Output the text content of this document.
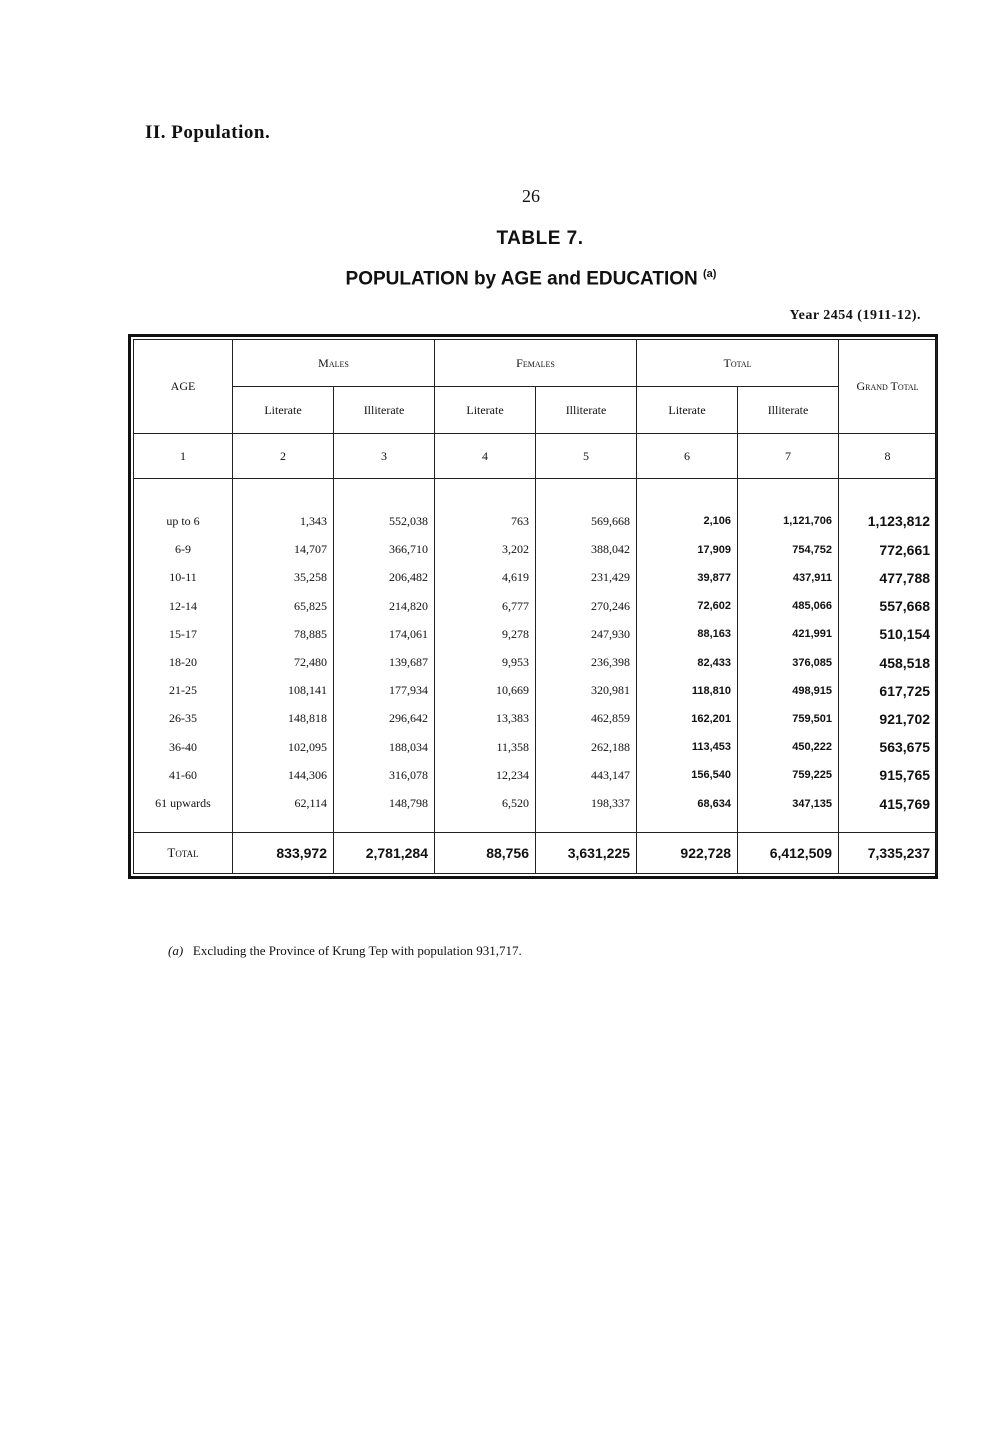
II. Population.
26
TABLE 7.
POPULATION by AGE and EDUCATION $^{(a)}$
Year 2454 (1911-12).
AGE	Males		Females		Total		Grand Total
	Literate	Illiterate	Literate	Illiterate	Literate	Illiterate	
1	2	3	4	5	6	7	8

up to 6	1,343	552,038	763	569,668	2,106	1,121,706	1,123,812
6-9	14,707	366,710	3,202	388,042	17,909	754,752	772,661
10-11	35,258	206,482	4,619	231,429	39,877	437,911	477,788
12-14	65,825	214,820	6,777	270,246	72,602	485,066	557,668
15-17	78,885	174,061	9,278	247,930	88,163	421,991	510,154
18-20	72,480	139,687	9,953	236,398	82,433	376,085	458,518
21-25	108,141	177,934	10,669	320,981	118,810	498,915	617,725
26-35	148,818	296,642	13,383	462,859	162,201	759,501	921,702
36-40	102,095	188,034	11,358	262,188	113,453	450,222	563,675
41-60	144,306	316,078	12,234	443,147	156,540	759,225	915,765
61 upwards	62,114	148,798	6,520	198,337	68,634	347,135	415,769

Total	833,972	2,781,284	88,756	3,631,225	922,728	6,412,509	7,335,237
(a) Excluding the Province of Krung Tep with population 931,717.
